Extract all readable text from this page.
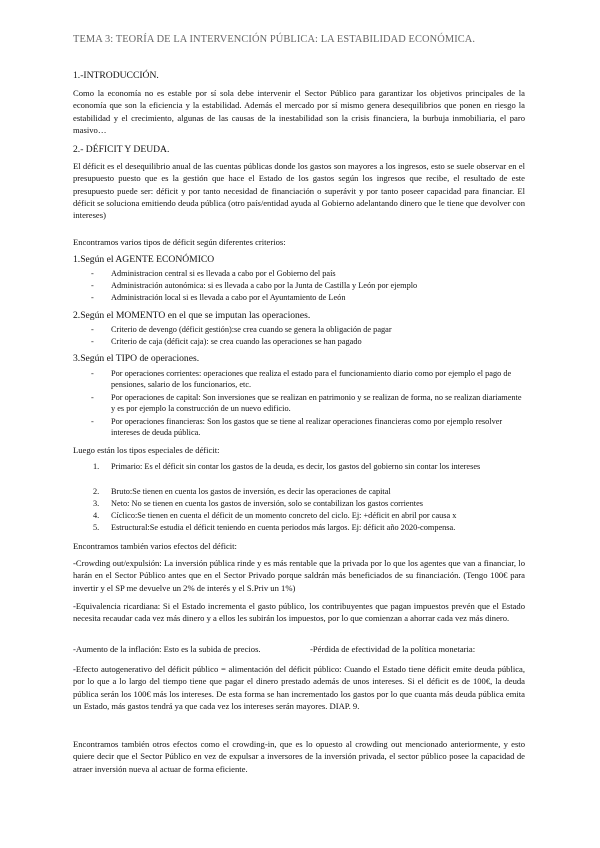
TEMA 3: TEORÍA DE LA INTERVENCIÓN PÚBLICA: LA ESTABILIDAD ECONÓMICA.
1.-INTRODUCCIÓN.

Como la economía no es estable por sí sola debe intervenir el Sector Público para garantizar los objetivos principales de la economía que son la eficiencia y la estabilidad. Además el mercado por sí mismo genera desequilibrios que ponen en riesgo la estabilidad y el crecimiento, algunas de las causas de la inestabilidad son la crisis financiera, la burbuja inmobiliaria, el paro masivo…

2.- DÉFICIT Y DEUDA.

El déficit es el desequilibrio anual de las cuentas públicas donde los gastos son mayores a los ingresos, esto se suele observar en el presupuesto puesto que es la gestión que hace el Estado de los gastos según los ingresos que recibe, el resultado de este presupuesto puede ser: déficit y por tanto necesidad de financiación o superávit y por tanto poseer capacidad para financiar. El déficit se soluciona emitiendo deuda pública (otro país/entidad ayuda al Gobierno adelantando dinero que le tiene que devolver con intereses)

Encontramos varios tipos de déficit según diferentes criterios:

1.Según el AGENTE ECONÓMICO

- Administracion central si es llevada a cabo por el Gobierno del país

- Administración autonómica: si es llevada a cabo por la Junta de Castilla y León por ejemplo

- Administración local si es llevada a cabo por el Ayuntamiento de León

2.Según el MOMENTO en el que se imputan las operaciones.

- Criterio de devengo (déficit gestión):se crea cuando se genera la obligación de pagar

- Criterio de caja (déficit caja): se crea cuando las operaciones se han pagado

3.Según el TIPO de operaciones.

- Por operaciones corrientes: operaciones que realiza el estado para el funcionamiento diario como por ejemplo el pago de pensiones, salario de los funcionarios, etc.

- Por operaciones de capital: Son inversiones que se realizan en patrimonio y se realizan de forma, no se realizan diariamente y es por ejemplo la construcción de un nuevo edificio.

- Por operaciones financieras: Son los gastos que se tiene al realizar operaciones financieras como por ejemplo resolver intereses de deuda pública.

Luego están los tipos especiales de déficit:

1. Primario: Es el déficit sin contar los gastos de la deuda, es decir, los gastos del gobierno sin contar los intereses

2. Bruto:Se tienen en cuenta los gastos de inversión, es decir las operaciones de capital

3. Neto: No se tienen en cuenta los gastos de inversión, solo se contabilizan los gastos corrientes

4. Cíclico:Se tienen en cuenta el déficit de un momento concreto del ciclo. Ej: +déficit en abril por causa x

5. Estructural:Se estudia el déficit teniendo en cuenta periodos más largos. Ej: déficit año 2020-compensa.

Encontramos también varios efectos del déficit:

-Crowding out/expulsión: La inversión pública rinde y es más rentable que la privada por lo que los agentes que van a financiar, lo harán en el Sector Público antes que en el Sector Privado porque saldrán más beneficiados de su financiación. (Tengo 100€ para invertir y el SP me devuelve un 2% de interés y el S.Priv un 1%)

-Equivalencia ricardiana: Si el Estado incrementa el gasto público, los contribuyentes que pagan impuestos prevén que el Estado necesita recaudar cada vez más dinero y a ellos les subirán los impuestos, por lo que comienzan a ahorrar cada vez más dinero.

-Aumento de la inflación: Esto es la subida de precios.	-Pérdida de efectividad de la política monetaria:

-Efecto autogenerativo del déficit público = alimentación del déficit público: Cuando el Estado tiene déficit emite deuda pública, por lo que a lo largo del tiempo tiene que pagar el dinero prestado además de unos intereses. Si el déficit es de 100€, la deuda pública serán los 100€ más los intereses. De esta forma se han incrementado los gastos por lo que cuanta más deuda pública emita un Estado, más gastos tendrá ya que cada vez los intereses serán mayores. DIAP. 9.

Encontramos también otros efectos como el crowding-in, que es lo opuesto al crowding out mencionado anteriormente, y esto quiere decir que el Sector Público en vez de expulsar a inversores de la inversión privada, el sector público posee la capacidad de atraer inversión nueva al actuar de forma eficiente.
